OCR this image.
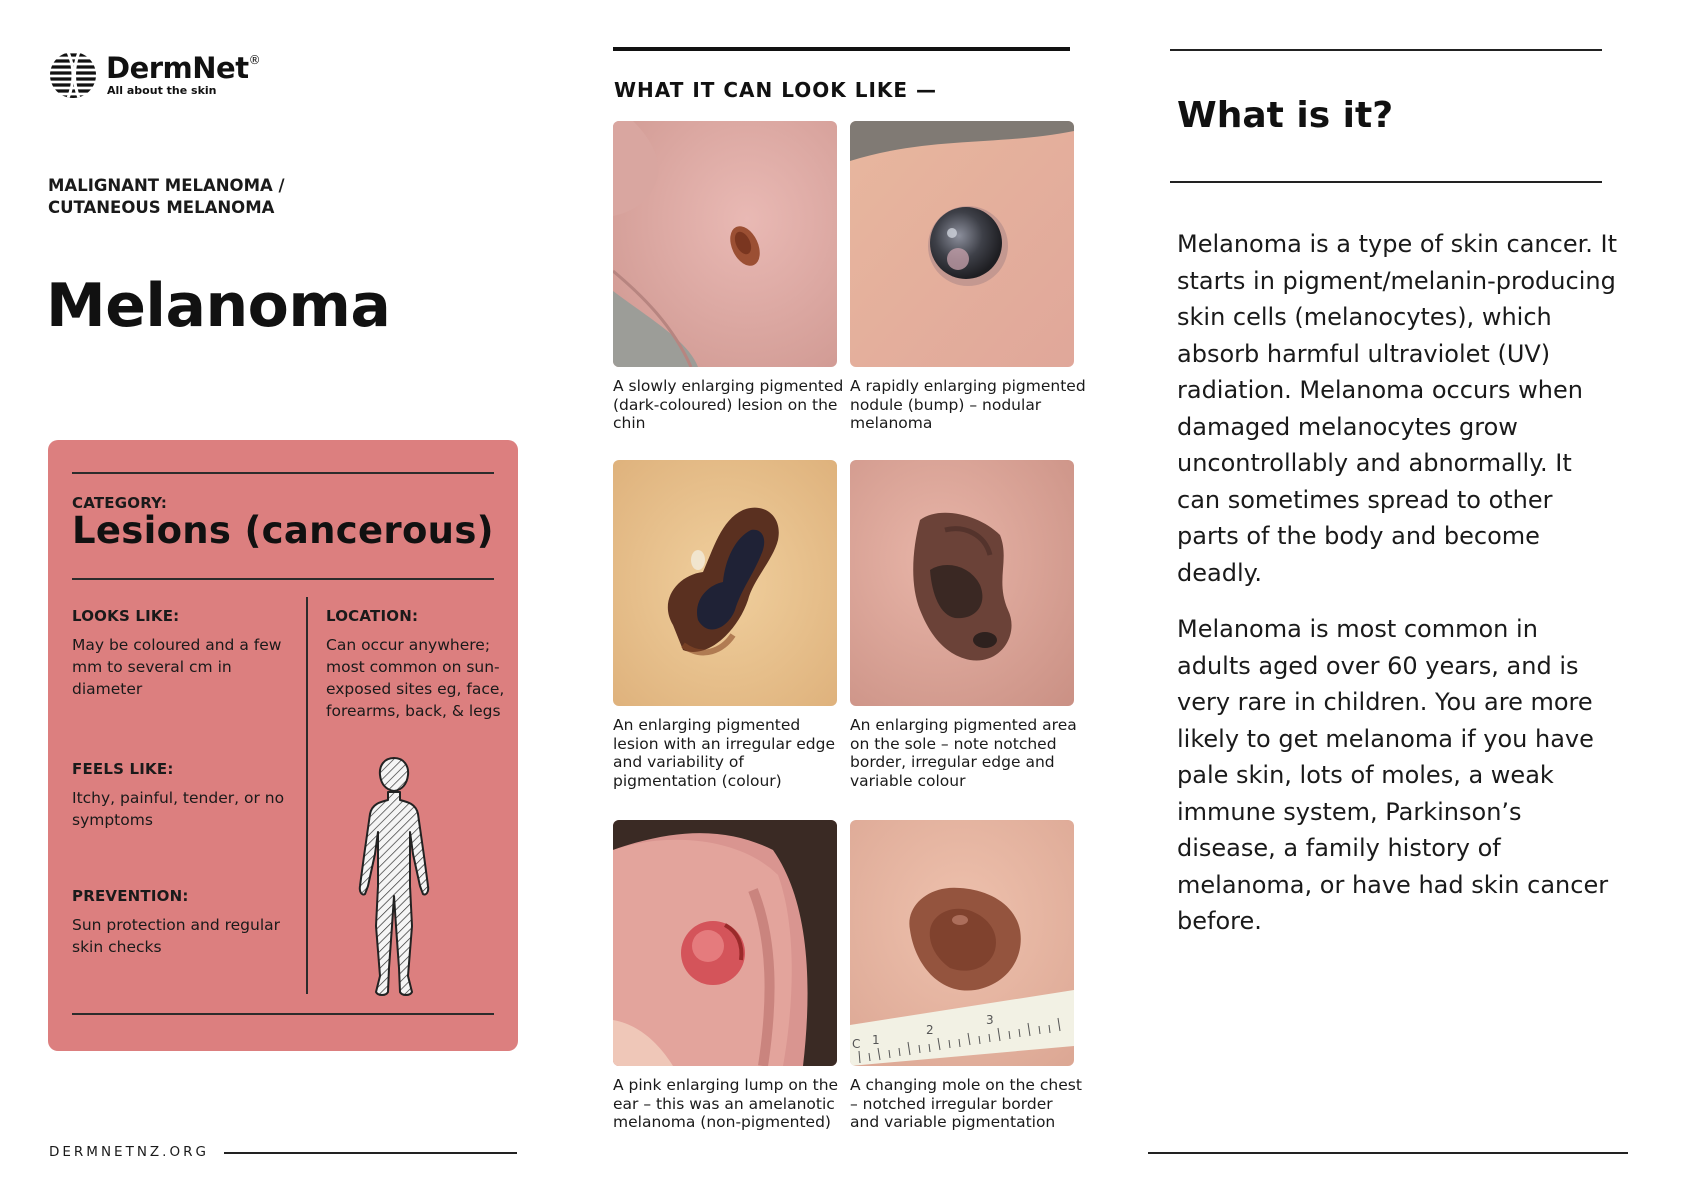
DermNet®
All about the skin
MALIGNANT MELANOMA /
CUTANEOUS MELANOMA
Melanoma
CATEGORY:
Lesions (cancerous)
LOOKS LIKE:
May be coloured and a few mm to several cm in diameter
LOCATION:
Can occur anywhere; most common on sun-exposed sites eg, face, forearms, back, & legs
FEELS LIKE:
Itchy, painful, tender, or no symptoms
PREVENTION:
Sun protection and regular skin checks
DERMNETNZ.ORG
WHAT IT CAN LOOK LIKE —
A slowly enlarging pigmented (dark-coloured) lesion on the chin
A rapidly enlarging pigmented nodule (bump) – nodular melanoma
An enlarging pigmented lesion with an irregular edge and variability of pigmentation (colour)
An enlarging pigmented area on the sole – note notched border, irregular edge and variable colour
A pink enlarging lump on the ear – this was an amelanotic melanoma (non-pigmented)
C 1
2
3
A changing mole on the chest – notched irregular border and variable pigmentation
What is it?

Melanoma is a type of skin cancer. It starts in pigment/melanin-producing skin cells (melanocytes), which absorb harmful ultraviolet (UV) radiation. Melanoma occurs when damaged melanocytes grow uncontrollably and abnormally. It can sometimes spread to other parts of the body and become deadly.

Melanoma is most common in adults aged over 60 years, and is very rare in children. You are more likely to get melanoma if you have pale skin, lots of moles, a weak immune system, Parkinson’s disease, a family history of melanoma, or have had skin cancer before.
